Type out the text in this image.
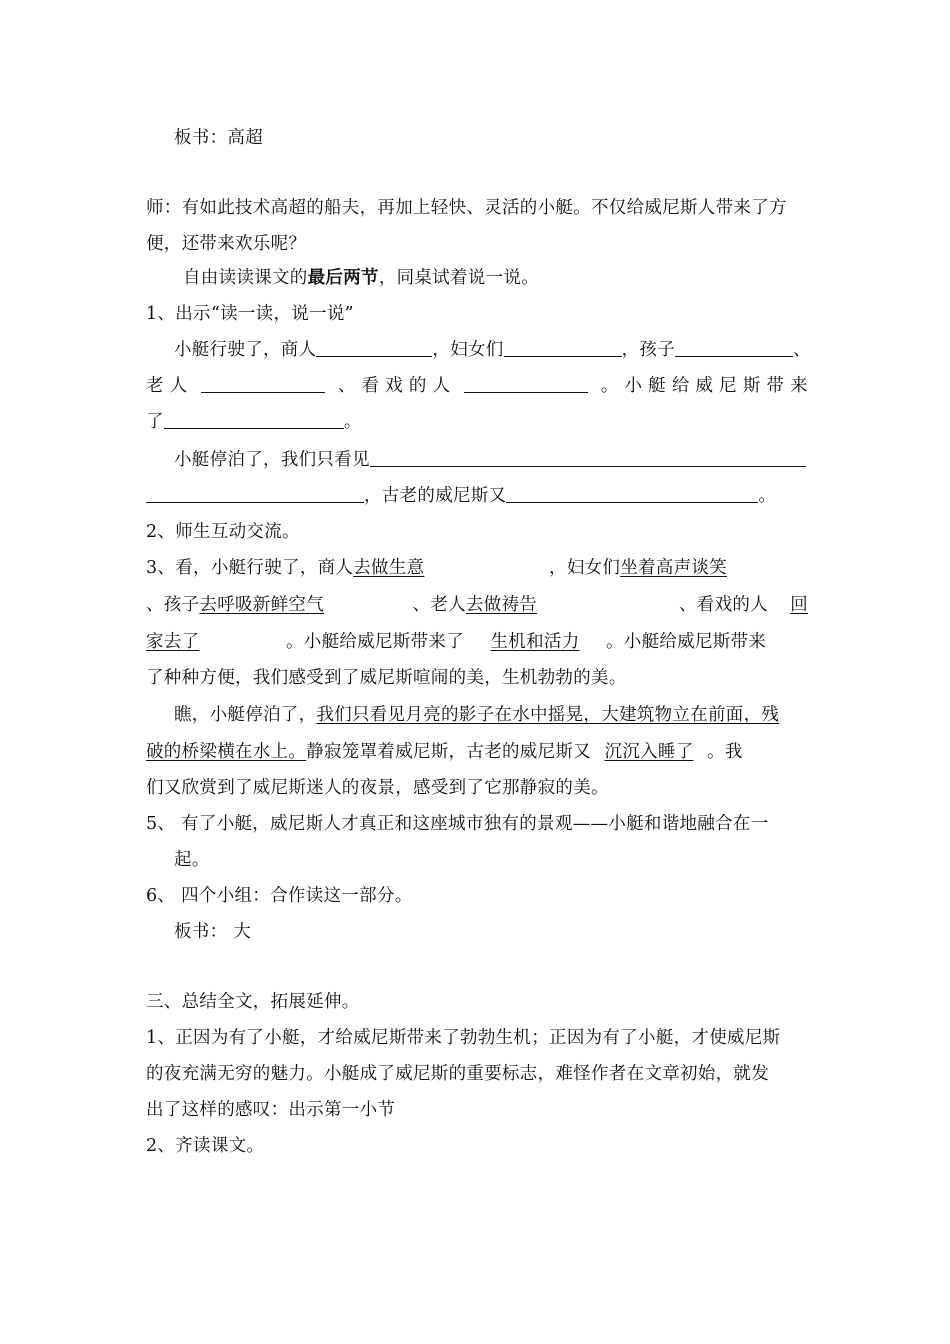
板书：高超
师：有如此技术高超的船夫，再加上轻快、灵活的小艇。不仅给威尼斯人带来了方
便，还带来欢乐呢？
自由读读课文的最后两节，同桌试着说一说。
1、出示“读一读，说一说”
小艇行驶了，商人	，妇女们	，孩子	、
老 人	、 看 戏 的 人	。 小 艇 给 威 尼 斯 带 来
了	。
小艇停泊了，我们只看见
，古老的威尼斯又	。
2、师生互动交流。
3、看，小艇行驶了，商人 去做生意	，妇女们 坐着高声谈笑
、孩子 去呼吸新鲜空气	、老人 去做祷告	、看戏的人	回
家去了	。小艇给威尼斯带来了 生机和活力 。小艇给威尼斯带来
了种种方便，我们感受到了威尼斯喧闹的美，生机勃勃的美。
瞧，小艇停泊了，我们只看见月亮的影子在水中摇晃，大建筑物立在前面，残
破的桥梁横在水上。静寂笼罩着威尼斯，古老的威尼斯又 沉沉入睡了 。我
们又欣赏到了威尼斯迷人的夜景，感受到了它那静寂的美。
5、 有了小艇，威尼斯人才真正和这座城市独有的景观——小艇和谐地融合在一
起。
6、 四个小组：合作读这一部分。
板书： 大
三、总结全文，拓展延伸。
1、正因为有了小艇，才给威尼斯带来了勃勃生机；正因为有了小艇，才使威尼斯
的夜充满无穷的魅力。小艇成了威尼斯的重要标志，难怪作者在文章初始，就发
出了这样的感叹：出示第一小节
2、齐读课文。
